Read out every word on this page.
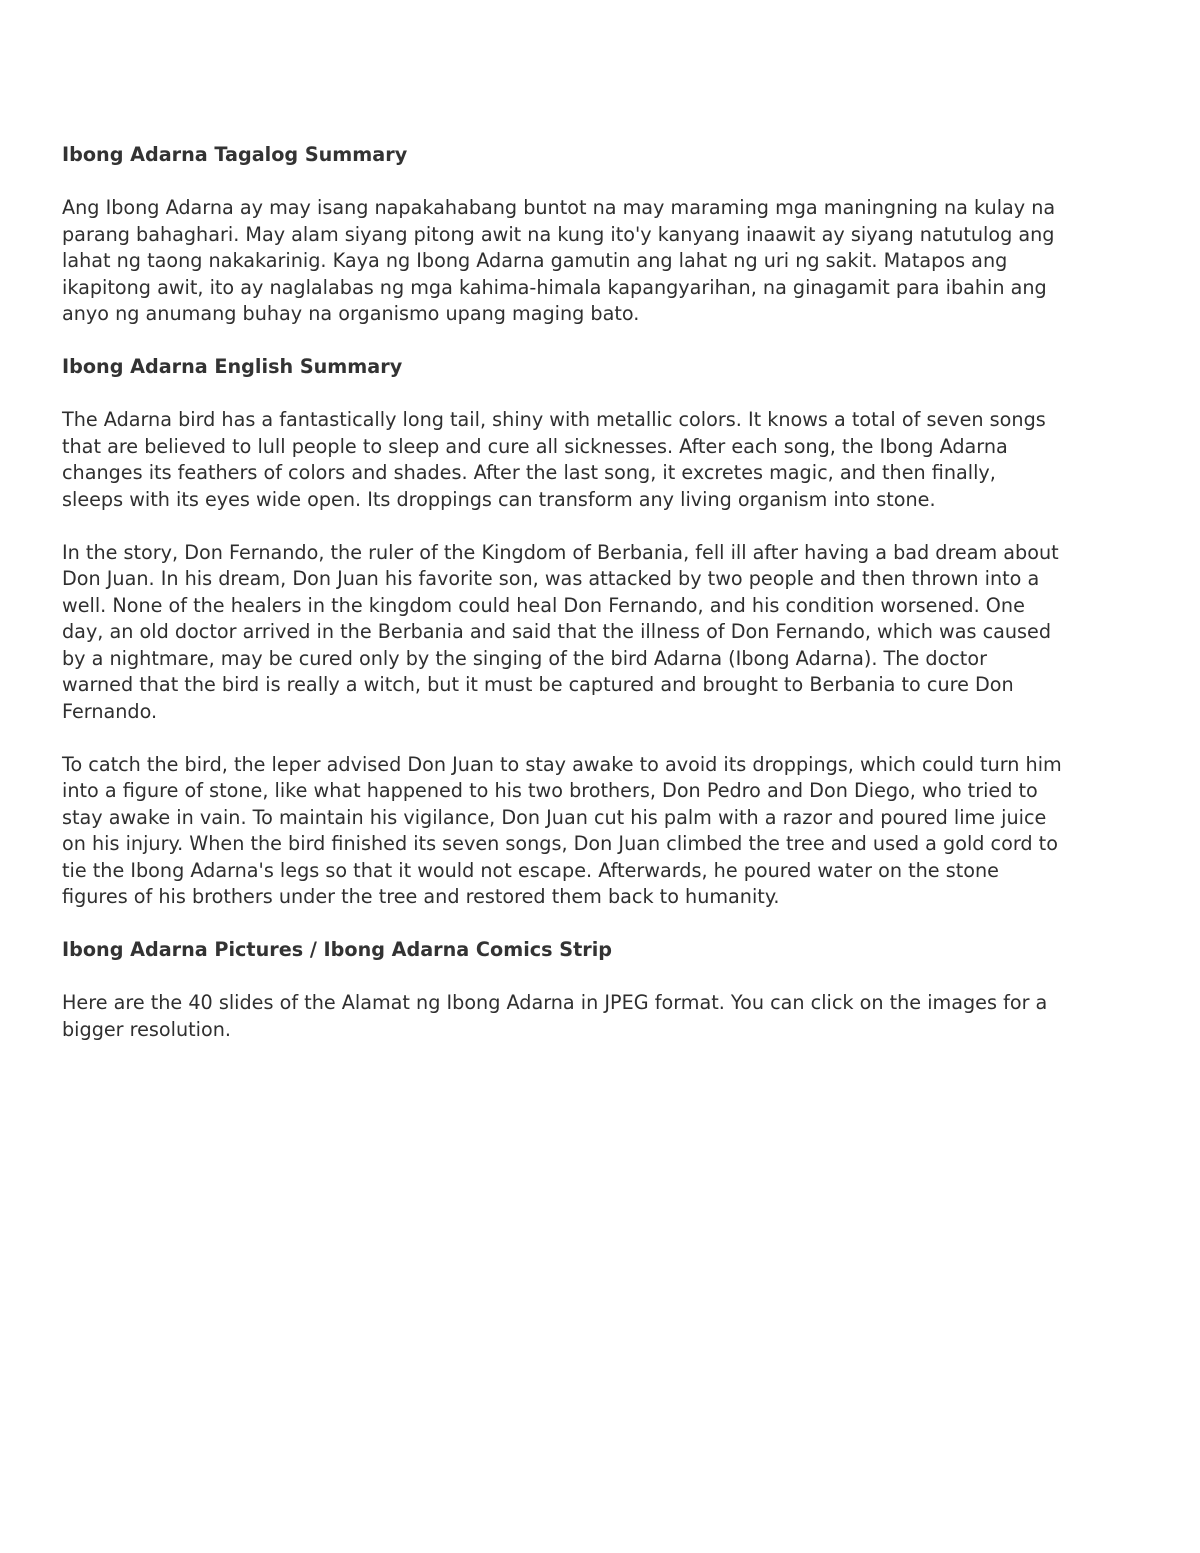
Ibong Adarna Tagalog Summary

Ang Ibong Adarna ay may isang napakahabang buntot na may maraming mga maningning na kulay na parang bahaghari. May alam siyang pitong awit na kung ito'y kanyang inaawit ay siyang natutulog ang lahat ng taong nakakarinig. Kaya ng Ibong Adarna gamutin ang lahat ng uri ng sakit. Matapos ang ikapitong awit, ito ay naglalabas ng mga kahima-himala kapangyarihan, na ginagamit para ibahin ang anyo ng anumang buhay na organismo upang maging bato.

Ibong Adarna English Summary

The Adarna bird has a fantastically long tail, shiny with metallic colors. It knows a total of seven songs that are believed to lull people to sleep and cure all sicknesses. After each song, the Ibong Adarna changes its feathers of colors and shades. After the last song, it excretes magic, and then finally, sleeps with its eyes wide open. Its droppings can transform any living organism into stone.

In the story, Don Fernando, the ruler of the Kingdom of Berbania, fell ill after having a bad dream about Don Juan. In his dream, Don Juan his favorite son, was attacked by two people and then thrown into a well. None of the healers in the kingdom could heal Don Fernando, and his condition worsened. One day, an old doctor arrived in the Berbania and said that the illness of Don Fernando, which was caused by a nightmare, may be cured only by the singing of the bird Adarna (Ibong Adarna). The doctor warned that the bird is really a witch, but it must be captured and brought to Berbania to cure Don Fernando.

To catch the bird, the leper advised Don Juan to stay awake to avoid its droppings, which could turn him into a figure of stone, like what happened to his two brothers, Don Pedro and Don Diego, who tried to stay awake in vain. To maintain his vigilance, Don Juan cut his palm with a razor and poured lime juice on his injury. When the bird finished its seven songs, Don Juan climbed the tree and used a gold cord to tie the Ibong Adarna's legs so that it would not escape. Afterwards, he poured water on the stone figures of his brothers under the tree and restored them back to humanity.

Ibong Adarna Pictures / Ibong Adarna Comics Strip

Here are the 40 slides of the Alamat ng Ibong Adarna in JPEG format. You can click on the images for a bigger resolution.
